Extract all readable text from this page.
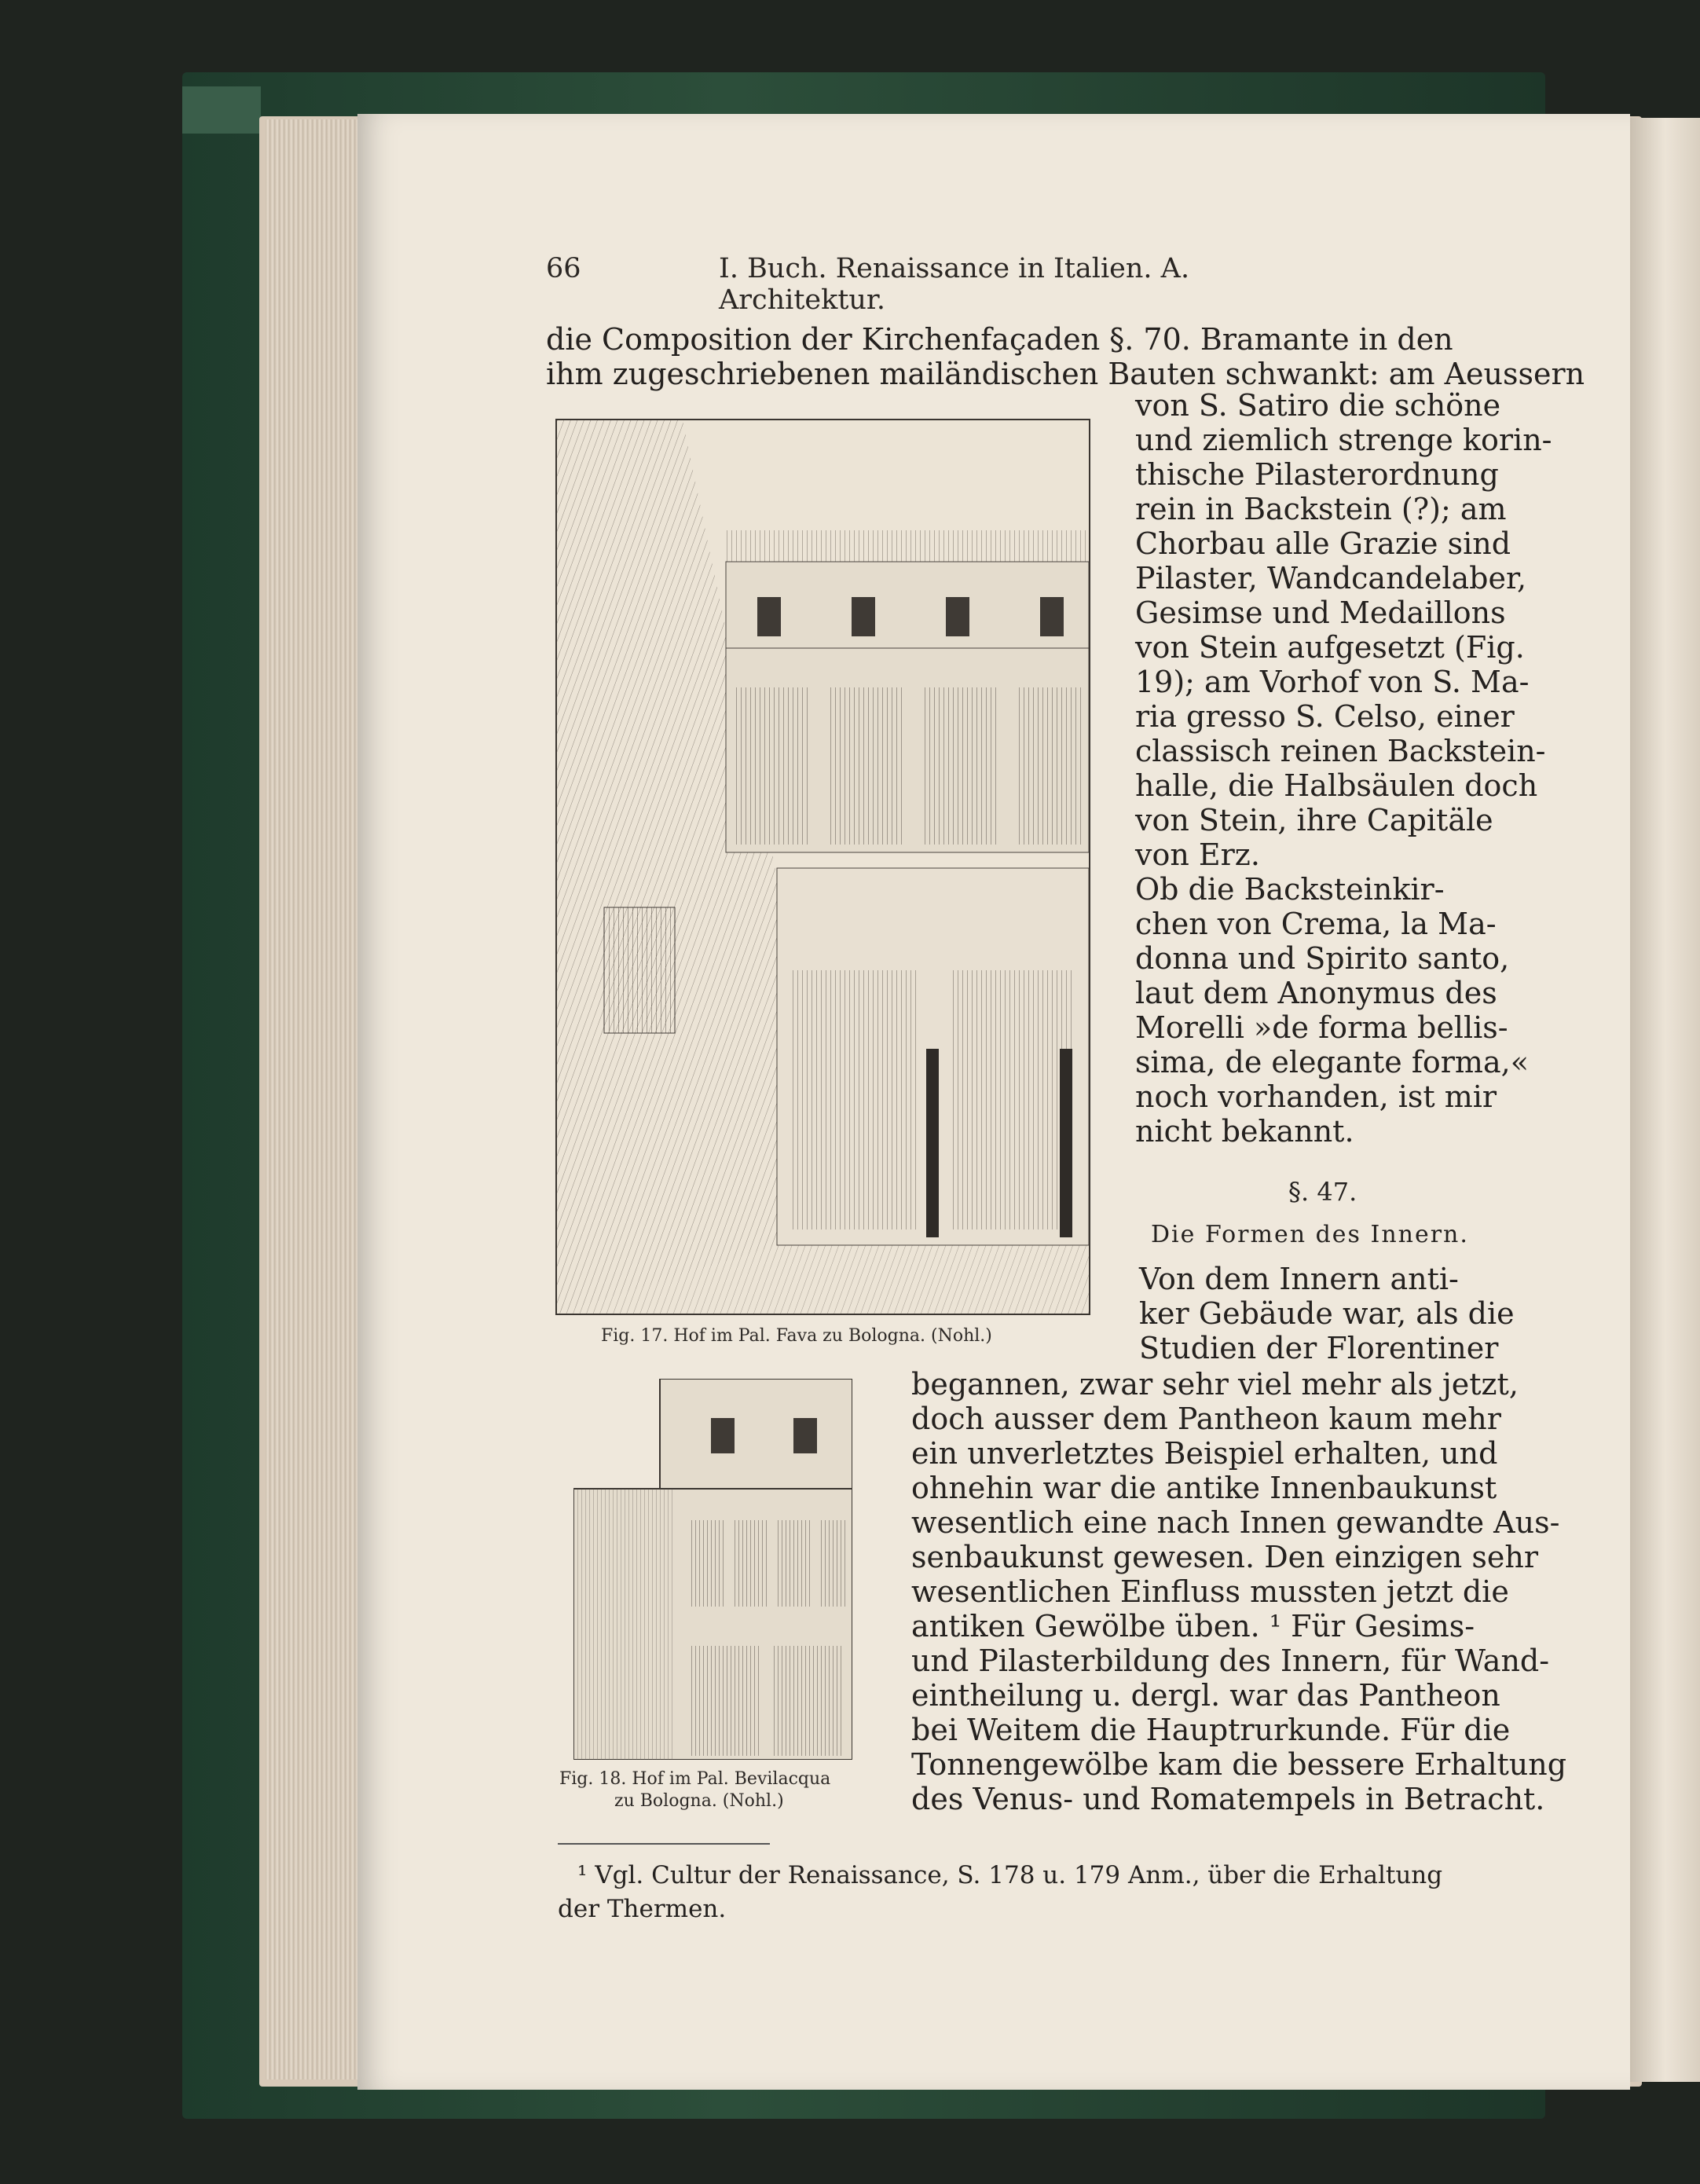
66	I. Buch. Renaissance in Italien. A. Architektur.
die Composition der Kirchenfaçaden §. 70. Bramante in den
ihm zugeschriebenen mailändischen Bauten schwankt: am Aeussern
von S. Satiro die schöne
und ziemlich strenge korin-
thische Pilasterordnung
rein in Backstein (?); am
Chorbau alle Grazie sind
Pilaster, Wandcandelaber,
Gesimse und Medaillons
von Stein aufgesetzt (Fig.
19); am Vorhof von S. Ma-
ria gresso S. Celso, einer
classisch reinen Backstein-
halle, die Halbsäulen doch
von Stein, ihre Capitäle
von Erz.
Ob die Backsteinkir-
chen von Crema, la Ma-
donna und Spirito santo,
laut dem Anonymus des
Morelli »de forma bellis-
sima, de elegante forma,«
noch vorhanden, ist mir
nicht bekannt.
§. 47.
Die Formen des Innern.
Von dem Innern anti-
ker Gebäude war, als die
Studien der Florentiner
begannen, zwar sehr viel mehr als jetzt,
doch ausser dem Pantheon kaum mehr
ein unverletztes Beispiel erhalten, und
ohnehin war die antike Innenbaukunst
wesentlich eine nach Innen gewandte Aus-
senbaukunst gewesen. Den einzigen sehr
wesentlichen Einfluss mussten jetzt die
antiken Gewölbe üben. ¹ Für Gesims-
und Pilasterbildung des Innern, für Wand-
eintheilung u. dergl. war das Pantheon
bei Weitem die Hauptrurkunde. Für die
Tonnengewölbe kam die bessere Erhaltung
des Venus- und Romatempels in Betracht.
Fig. 17. Hof im Pal. Fava zu Bologna. (Nohl.)
Fig. 18. Hof im Pal. Bevilacqua
zu Bologna. (Nohl.)
¹ Vgl. Cultur der Renaissance, S. 178 u. 179 Anm., über die Erhaltung
der Thermen.
